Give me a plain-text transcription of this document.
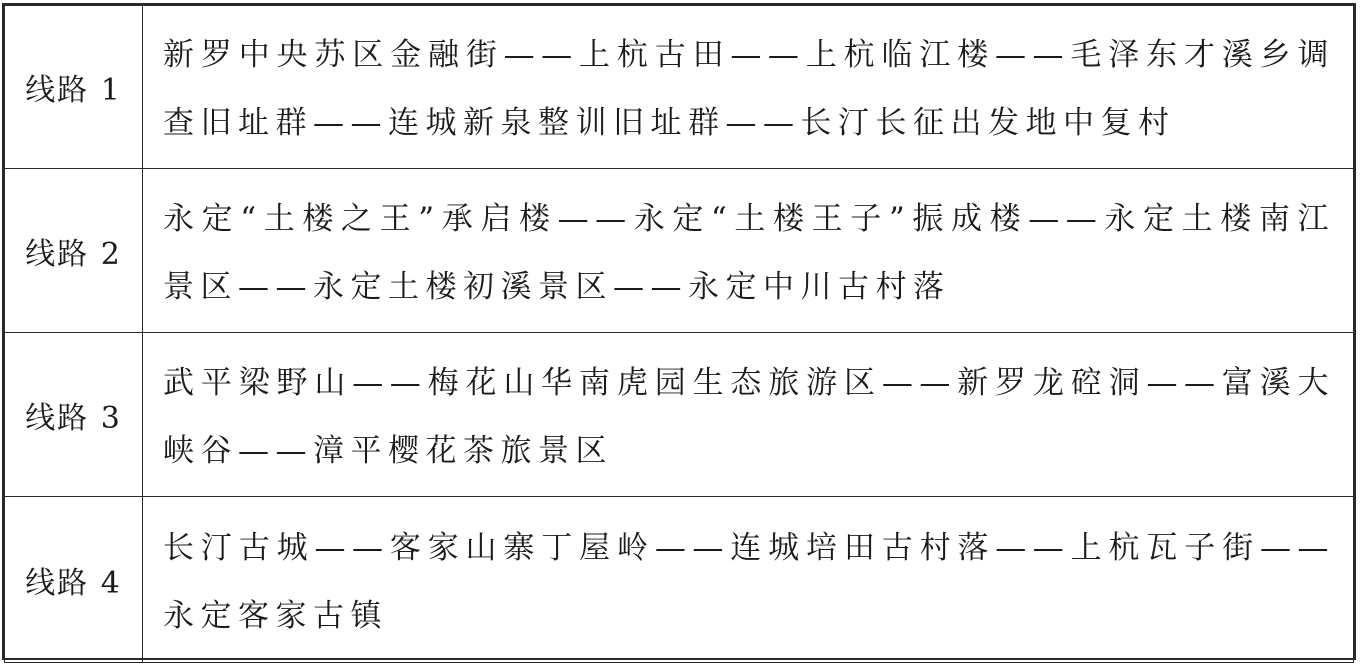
线路 1	新罗中央苏区金融街——上杭古田——上杭临江楼——毛泽东才溪乡调查旧址群——连城新泉整训旧址群——长汀长征出发地中复村
线路 2	永定“土楼之王”承启楼——永定“土楼王子”振成楼——永定土楼南江景区——永定土楼初溪景区——永定中川古村落
线路 3	武平梁野山——梅花山华南虎园生态旅游区——新罗龙硿洞——富溪大峡谷——漳平樱花茶旅景区
线路 4	长汀古城——客家山寨丁屋岭——连城培田古村落——上杭瓦子街——永定客家古镇
